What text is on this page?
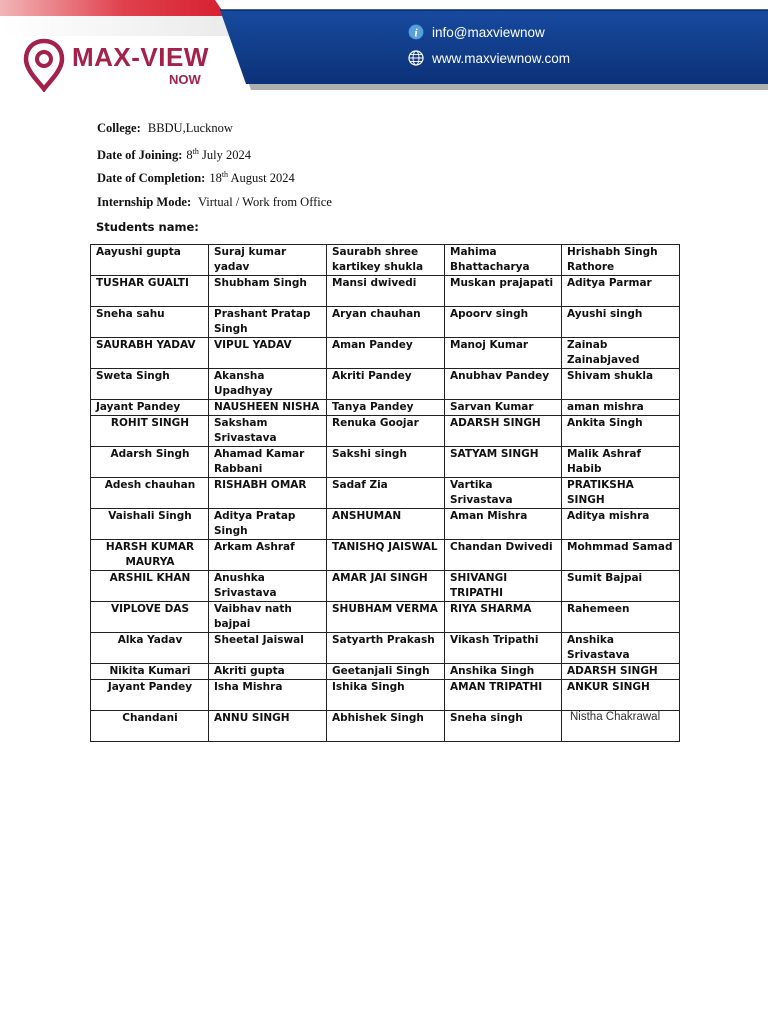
MAX-VIEW
NOW
i info@maxviewnow
www.maxviewnow.com
College: BBDU,Lucknow
Date of Joining: 8th July 2024
Date of Completion: 18th August 2024
Internship Mode: Virtual / Work from Office
Students name:
Aayushi gupta	Suraj kumar yadav	Saurabh shree kartikey shukla	Mahima Bhattacharya	Hrishabh Singh Rathore
TUSHAR GUALTI	Shubham Singh	Mansi dwivedi	Muskan prajapati	Aditya Parmar
Sneha sahu	Prashant Pratap Singh	Aryan chauhan	Apoorv singh	Ayushi singh
SAURABH YADAV	VIPUL YADAV	Aman Pandey	Manoj Kumar	Zainab Zainabjaved
Sweta Singh	Akansha Upadhyay	Akriti Pandey	Anubhav Pandey	Shivam shukla
Jayant Pandey	NAUSHEEN NISHA	Tanya Pandey	Sarvan Kumar	aman mishra
ROHIT SINGH	Saksham Srivastava	Renuka Goojar	ADARSH SINGH	Ankita Singh
Adarsh Singh	Ahamad Kamar Rabbani	Sakshi singh	SATYAM SINGH	Malik Ashraf Habib
Adesh chauhan	RISHABH OMAR	Sadaf Zia	Vartika Srivastava	PRATIKSHA SINGH
Vaishali Singh	Aditya Pratap Singh	ANSHUMAN	Aman Mishra	Aditya mishra
HARSH KUMAR MAURYA	Arkam Ashraf	TANISHQ JAISWAL	Chandan Dwivedi	Mohmmad Samad
ARSHIL KHAN	Anushka Srivastava	AMAR JAI SINGH	SHIVANGI TRIPATHI	Sumit Bajpai
VIPLOVE DAS	Vaibhav nath bajpai	SHUBHAM VERMA	RIYA SHARMA	Rahemeen
Alka Yadav	Sheetal Jaiswal	Satyarth Prakash	Vikash Tripathi	Anshika Srivastava
Nikita Kumari	Akriti gupta	Geetanjali Singh	Anshika Singh	ADARSH SINGH
Jayant Pandey	Isha Mishra	Ishika Singh	AMAN TRIPATHI	ANKUR SINGH
Chandani	ANNU SINGH	Abhishek Singh	Sneha singh	Nistha Chakrawal
